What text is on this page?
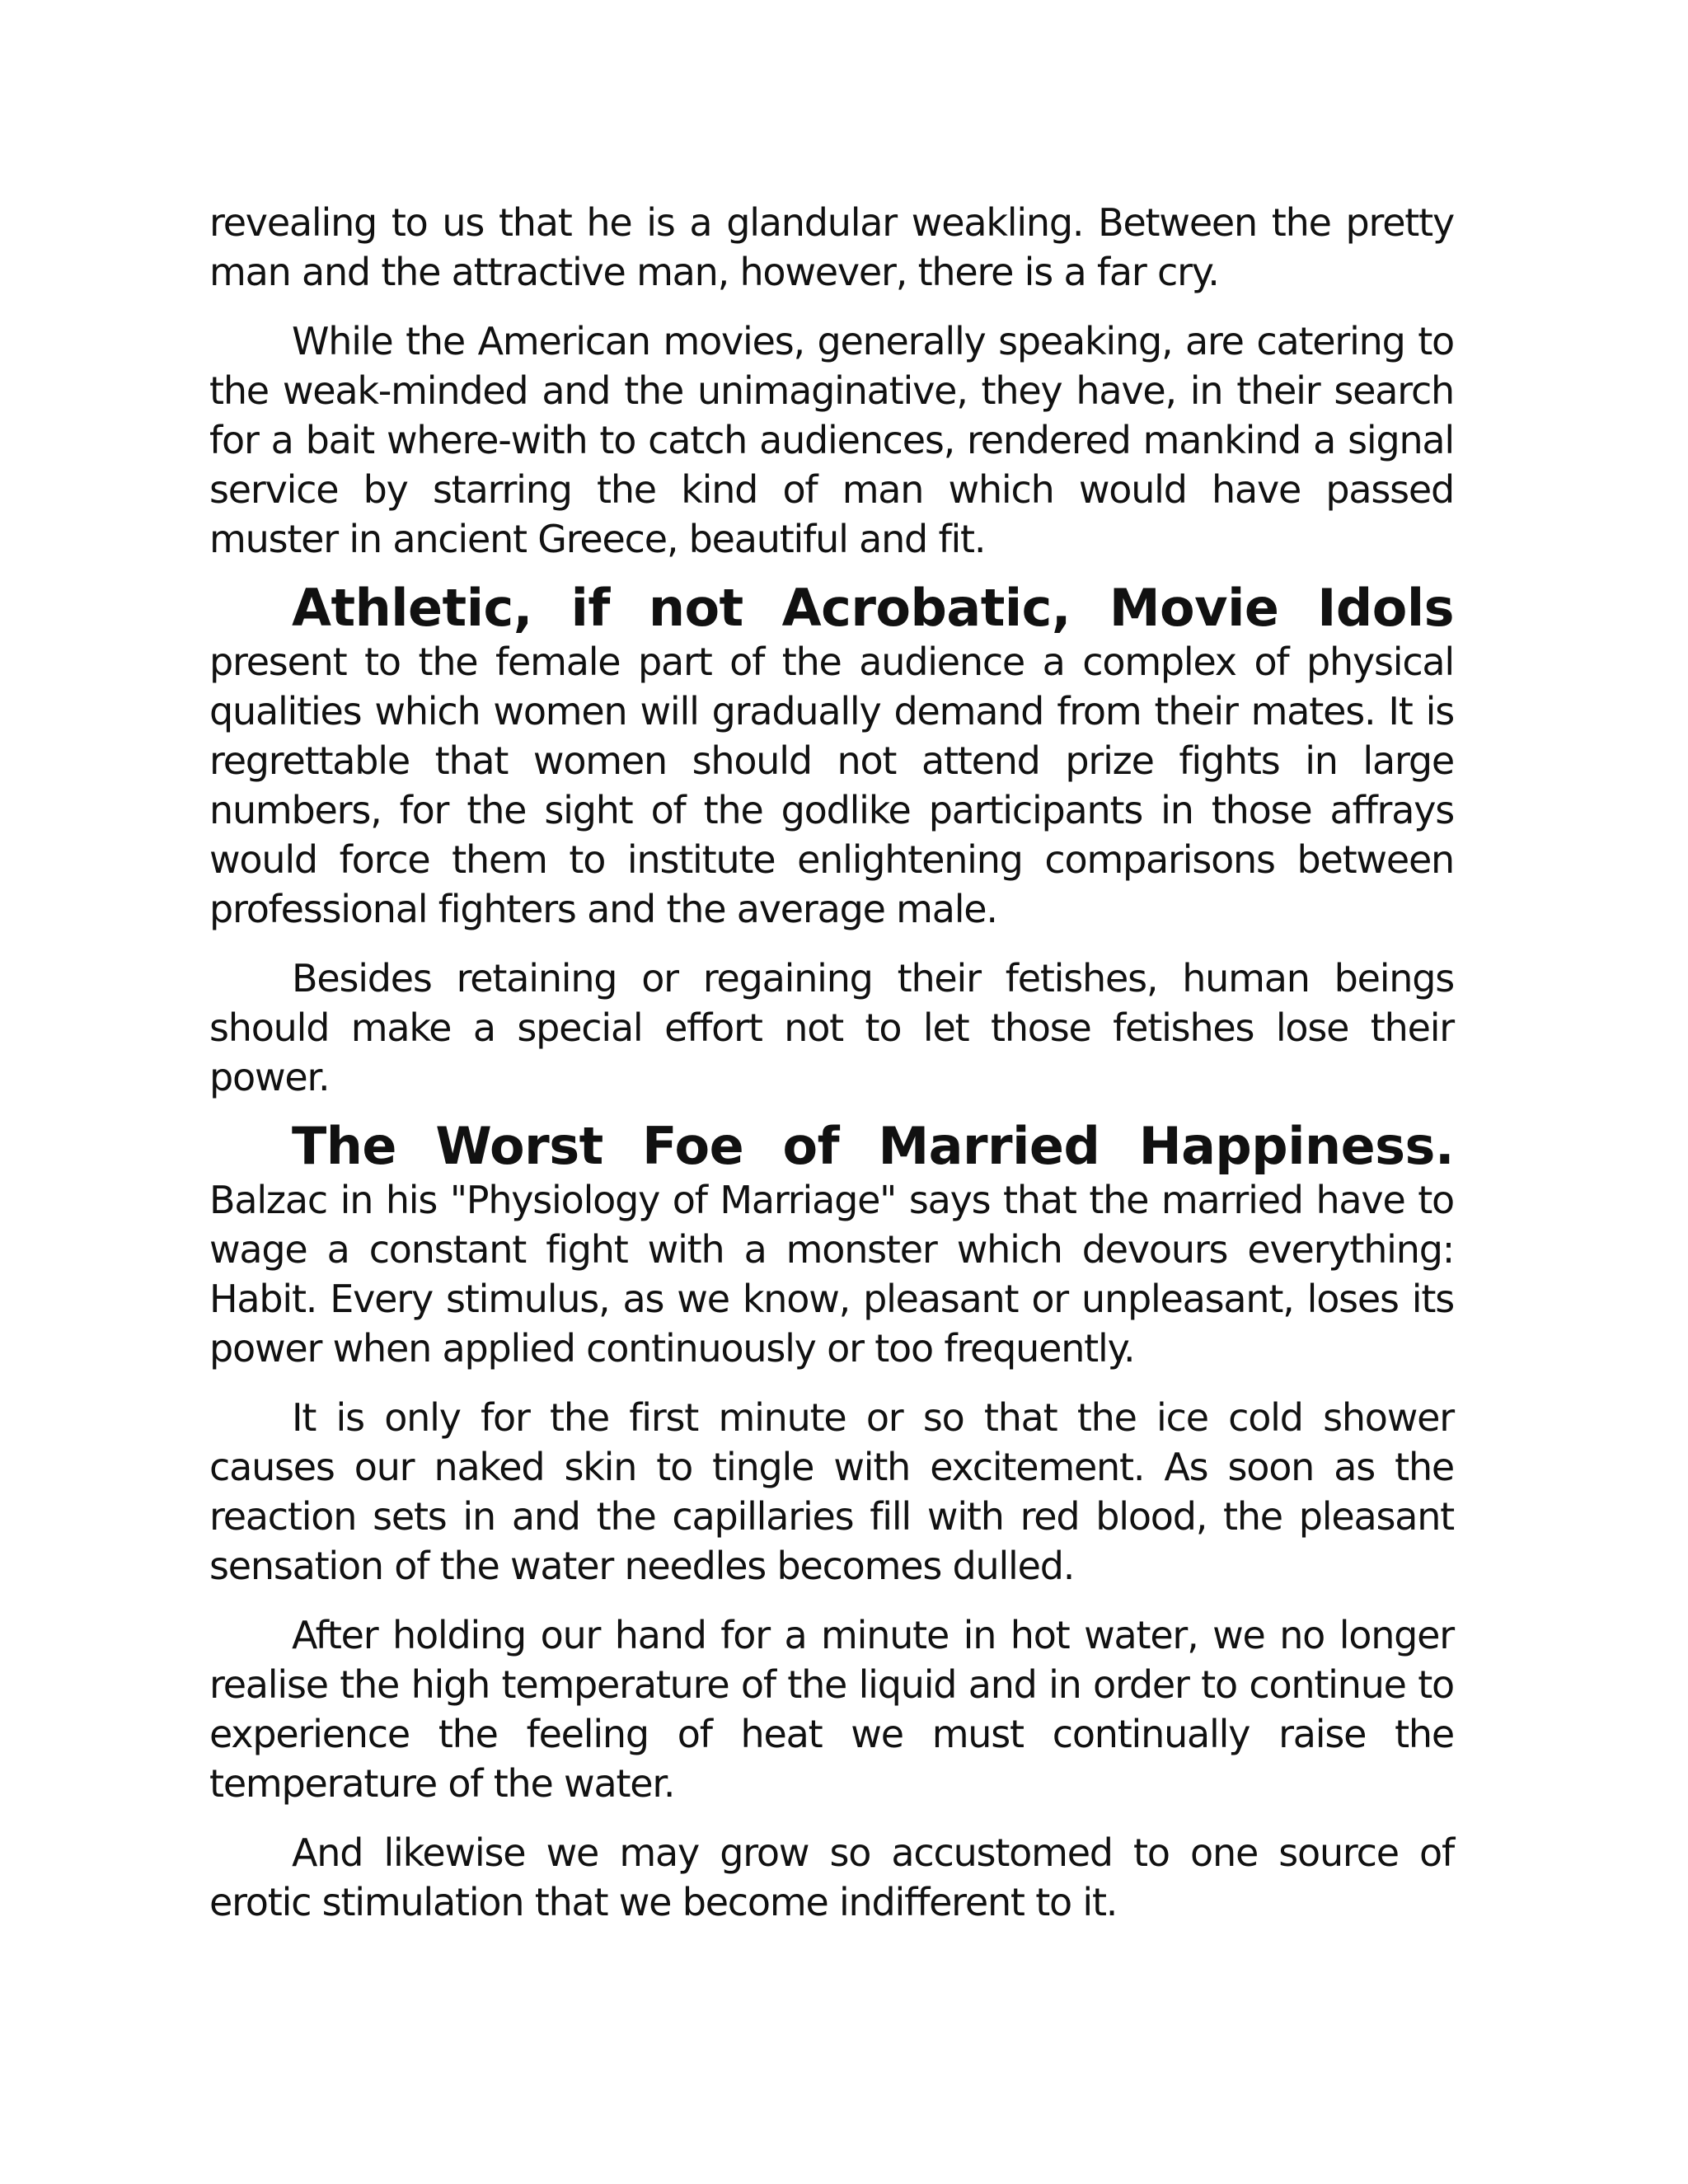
revealing to us that he is a glandular weakling. Between the pretty man and the attractive man, however, there is a far cry.

While the American movies, generally speaking, are catering to the weak-minded and the unimaginative, they have, in their search for a bait where-with to catch audiences, rendered mankind a signal service by starring the kind of man which would have passed muster in ancient Greece, beautiful and fit.

Athletic, if not Acrobatic, Movie Idols present to the female part of the audience a complex of physical qualities which women will gradually demand from their mates. It is regrettable that women should not attend prize fights in large numbers, for the sight of the godlike participants in those affrays would force them to institute enlightening comparisons between professional fighters and the average male.

Besides retaining or regaining their fetishes, human beings should make a special effort not to let those fetishes lose their power.

The Worst Foe of Married Happiness. Balzac in his "Physiology of Marriage" says that the married have to wage a constant fight with a monster which devours everything: Habit. Every stimulus, as we know, pleasant or unpleasant, loses its power when applied continuously or too frequently.

It is only for the first minute or so that the ice cold shower causes our naked skin to tingle with excitement. As soon as the reaction sets in and the capillaries fill with red blood, the pleasant sensation of the water needles becomes dulled.

After holding our hand for a minute in hot water, we no longer realise the high temperature of the liquid and in order to continue to experience the feeling of heat we must continually raise the temperature of the water.

And likewise we may grow so accustomed to one source of erotic stimulation that we become indifferent to it.
